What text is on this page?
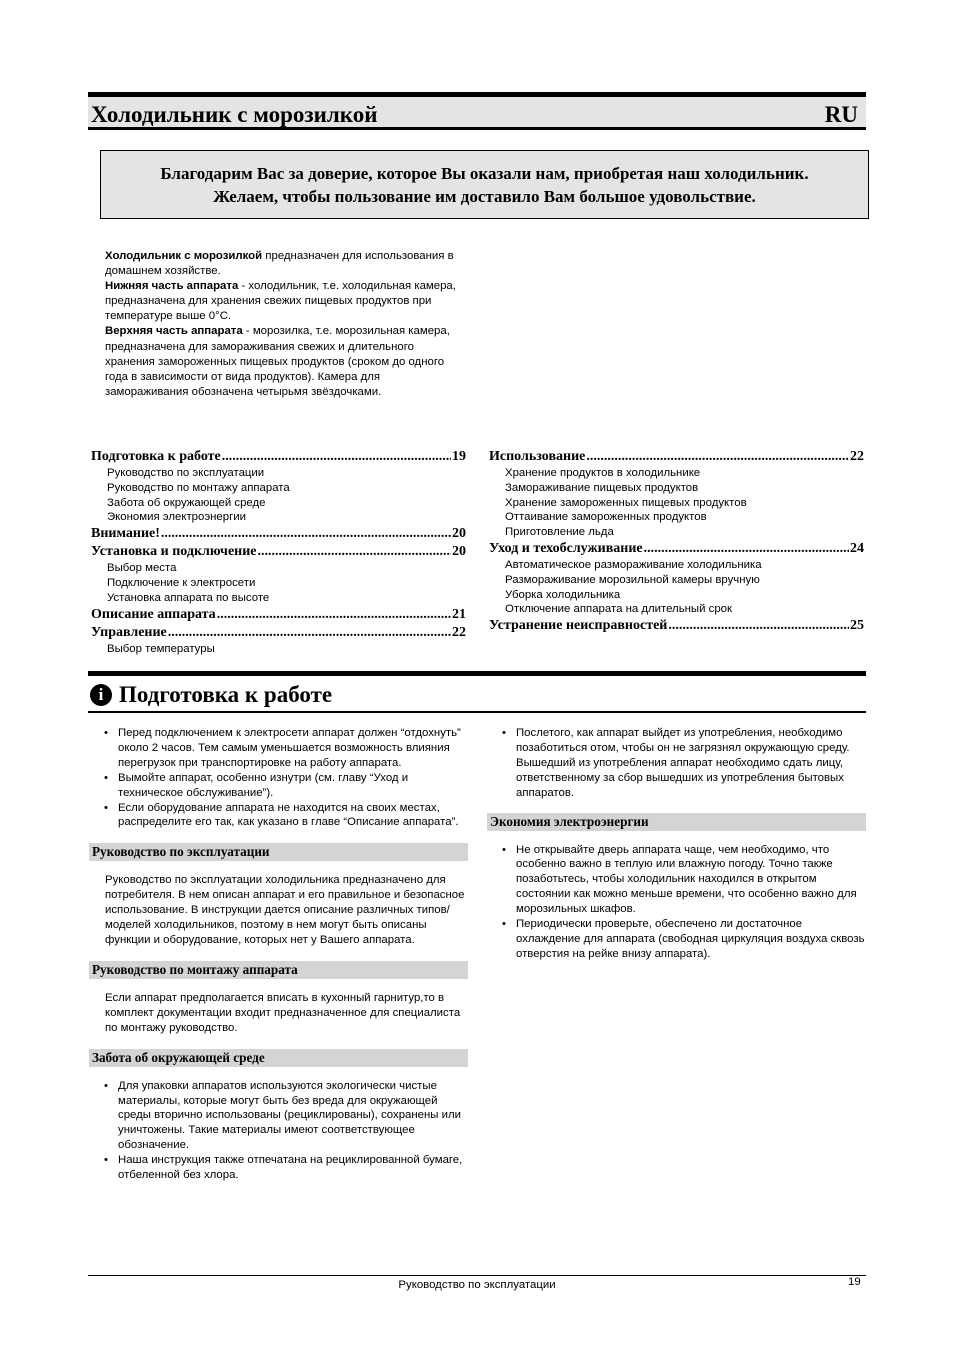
Холодильник с морозилкой	RU
Благодарим Вас за доверие, которое Вы оказали нам, приобретая наш холодильник.
Желаем, чтобы пользование им доставило Вам большое удовольствие.
Холодильник с морозилкой предназначен для использования в домашнем хозяйстве.
Нижняя часть аппарата - холодильник, т.е. холодильная камера, предназначена для хранения свежих пищевых продуктов при температуре выше 0°C.
Верхняя часть аппарата - морозилка, т.е. морозильная камера, предназначена для замораживания свежих и длительного хранения замороженных пищевых продуктов (сроком до одного года в зависимости от вида продуктов). Камера для замораживания обозначена четырьмя звёздочками.
Подготовка к работе .....	19
Руководство по эксплуатации
Руководство по монтажу аппарата
Забота об окружающей среде
Экономия электроэнергии
Внимание! .....	20
Установка и подключение .....	20
Выбор места
Подключение к электросети
Установка аппарата по высоте
Описание аппарата .....	21
Управление .....	22
Выбор температуры
Использование .....	22
Хранение продуктов в холодильнике
Замораживание пищевых продуктов
Хранение замороженных пищевых продуктов
Оттаивание замороженных продуктов
Приготовление льда
Уход и техобслуживание .....	24
Автоматическое размораживание холодильника
Размораживание морозильной камеры вручную
Уборка холодильника
Отключение аппарата на длительный срок
Устранение неисправностей .....	25
i Подготовка к работе
• Перед подключением к электросети аппарат должен “отдохнуть” около 2 часов. Тем самым уменьшается возможность влияния
перегрузок при транспортировке на работу аппарата.
• Вымойте аппарат, особенно изнутри (см. главу “Уход и техническое обслуживание”).
• Если оборудование аппарата не находится на своих местах, распределите его так, как указано в главе “Описание аппарата”.
Руководство по эксплуатации
Руководство по эксплуатации холодильника предназначено для потребителя. В нем описан аппарат и его правильное и безопасное использование. В инструкции дается описание различных типов/моделей холодильников, поэтому в нем могут быть описаны функции и оборудование, которых нет у Вашего аппарата.
Руководство по монтажу аппарата
Если аппарат предполагается вписать в кухонный гарнитур,то в комплект документации входит предназначенное для специалиста по монтажу руководство.
Забота об окружающей среде
• Для упаковки аппаратов используются экологически чистые материалы, которые могут быть без вреда для окружающей среды вторично использованы (рециклированы), сохранены или уничтожены. Такие материалы имеют соответствующее обозначение.
• Наша инструкция также отпечатана на рециклированной бумаге, отбеленной без хлора.
• Послетого, как аппарат выйдет из употребления, необходимо позаботиться отом, чтобы он не загрязнял окружающую среду. Вышедший из употребления аппарат необходимо сдать лицу, ответственному за сбор вышедших из употребления бытовых аппаратов.
Экономия электроэнергии
• Не открывайте дверь аппарата чаще, чем необходимо, что особенно важно в теплую или влажную погоду. Точно также позаботьтесь, чтобы холодильник находился в открытом состоянии как можно меньше времени, что особенно важно для морозильных шкафов.
• Периодически проверьте, обеспечено ли достаточное охлаждение для аппарата (свободная циркуляция воздуха сквозь отверстия на рейке внизу аппарата).
Руководство по эксплуатации	19
